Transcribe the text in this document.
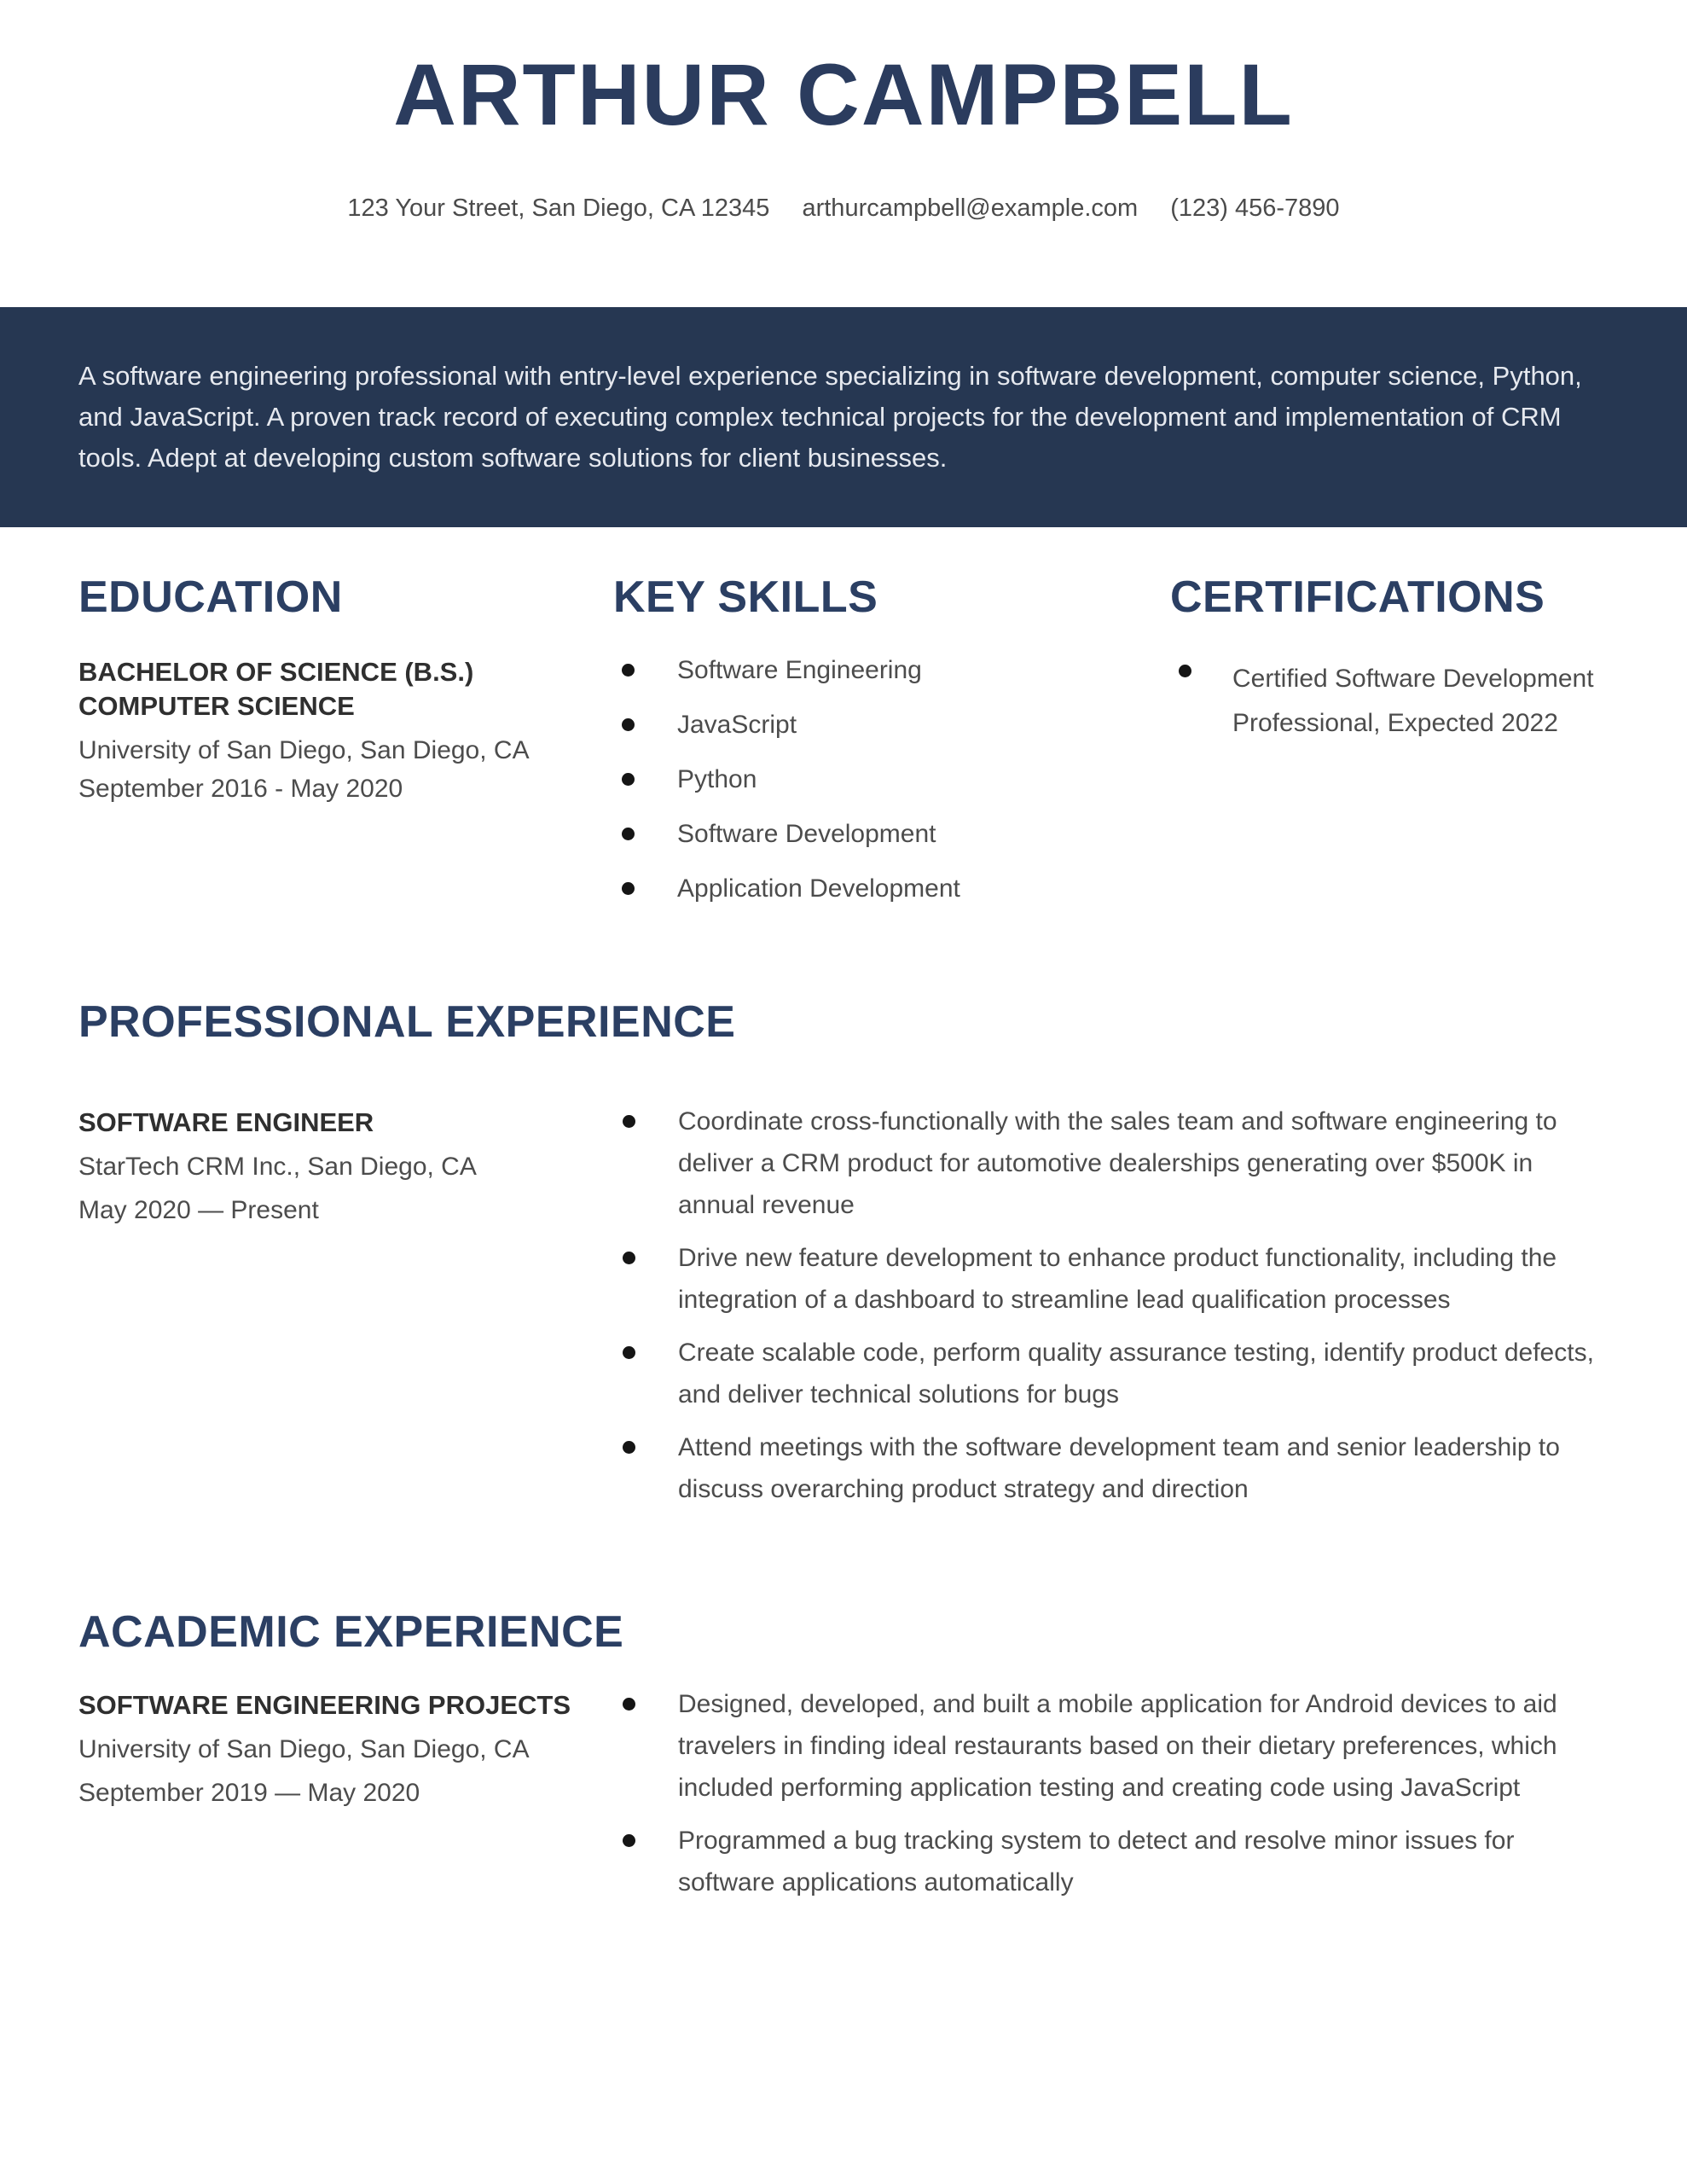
ARTHUR CAMPBELL
123 Your Street, San Diego, CA 12345 arthurcampbell@example.com (123) 456-7890

A software engineering professional with entry-level experience specializing in software development, computer science, Python, and JavaScript. A proven track record of executing complex technical projects for the development and implementation of CRM tools. Adept at developing custom software solutions for client businesses.

EDUCATION
BACHELOR OF SCIENCE (B.S.) COMPUTER SCIENCE
University of San Diego, San Diego, CA
September 2016 - May 2020
KEY SKILLS
Software Engineering
JavaScript
Python
Software Development
Application Development
CERTIFICATIONS
Certified Software Development Professional, Expected 2022
PROFESSIONAL EXPERIENCE
SOFTWARE ENGINEER
StarTech CRM Inc., San Diego, CA
May 2020 — Present
Coordinate cross-functionally with the sales team and software engineering to deliver a CRM product for automotive dealerships generating over $500K in annual revenue
Drive new feature development to enhance product functionality, including the integration of a dashboard to streamline lead qualification processes
Create scalable code, perform quality assurance testing, identify product defects, and deliver technical solutions for bugs
Attend meetings with the software development team and senior leadership to discuss overarching product strategy and direction
ACADEMIC EXPERIENCE
SOFTWARE ENGINEERING PROJECTS
University of San Diego, San Diego, CA
September 2019 — May 2020
Designed, developed, and built a mobile application for Android devices to aid travelers in finding ideal restaurants based on their dietary preferences, which included performing application testing and creating code using JavaScript
Programmed a bug tracking system to detect and resolve minor issues for software applications automatically
